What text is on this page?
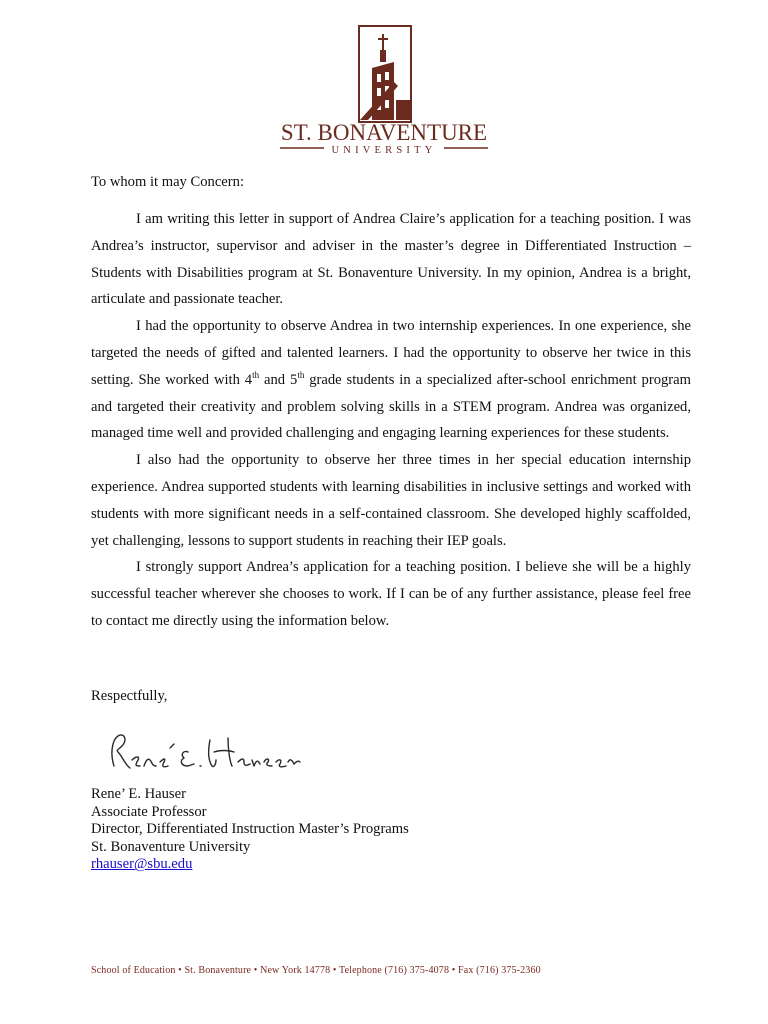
ST. BONAVENTURE
UNIVERSITY

To whom it may Concern:

I am writing this letter in support of Andrea Claire’s application for a teaching position. I was Andrea’s instructor, supervisor and adviser in the master’s degree in Differentiated Instruction – Students with Disabilities program at St. Bonaventure University. In my opinion, Andrea is a bright, articulate and passionate teacher.

I had the opportunity to observe Andrea in two internship experiences. In one experience, she targeted the needs of gifted and talented learners. I had the opportunity to observe her twice in this setting. She worked with 4th and 5th grade students in a specialized after-school enrichment program and targeted their creativity and problem solving skills in a STEM program. Andrea was organized, managed time well and provided challenging and engaging learning experiences for these students.

I also had the opportunity to observe her three times in her special education internship experience. Andrea supported students with learning disabilities in inclusive settings and worked with students with more significant needs in a self-contained classroom. She developed highly scaffolded, yet challenging, lessons to support students in reaching their IEP goals.

I strongly support Andrea’s application for a teaching position. I believe she will be a highly successful teacher wherever she chooses to work. If I can be of any further assistance, please feel free to contact me directly using the information below.

Respectfully,

Rene’ E. Hauser
Associate Professor
Director, Differentiated Instruction Master’s Programs
St. Bonaventure University
rhauser@sbu.edu
School of Education • St. Bonaventure • New York 14778 • Telephone (716) 375-4078 • Fax (716) 375-2360
